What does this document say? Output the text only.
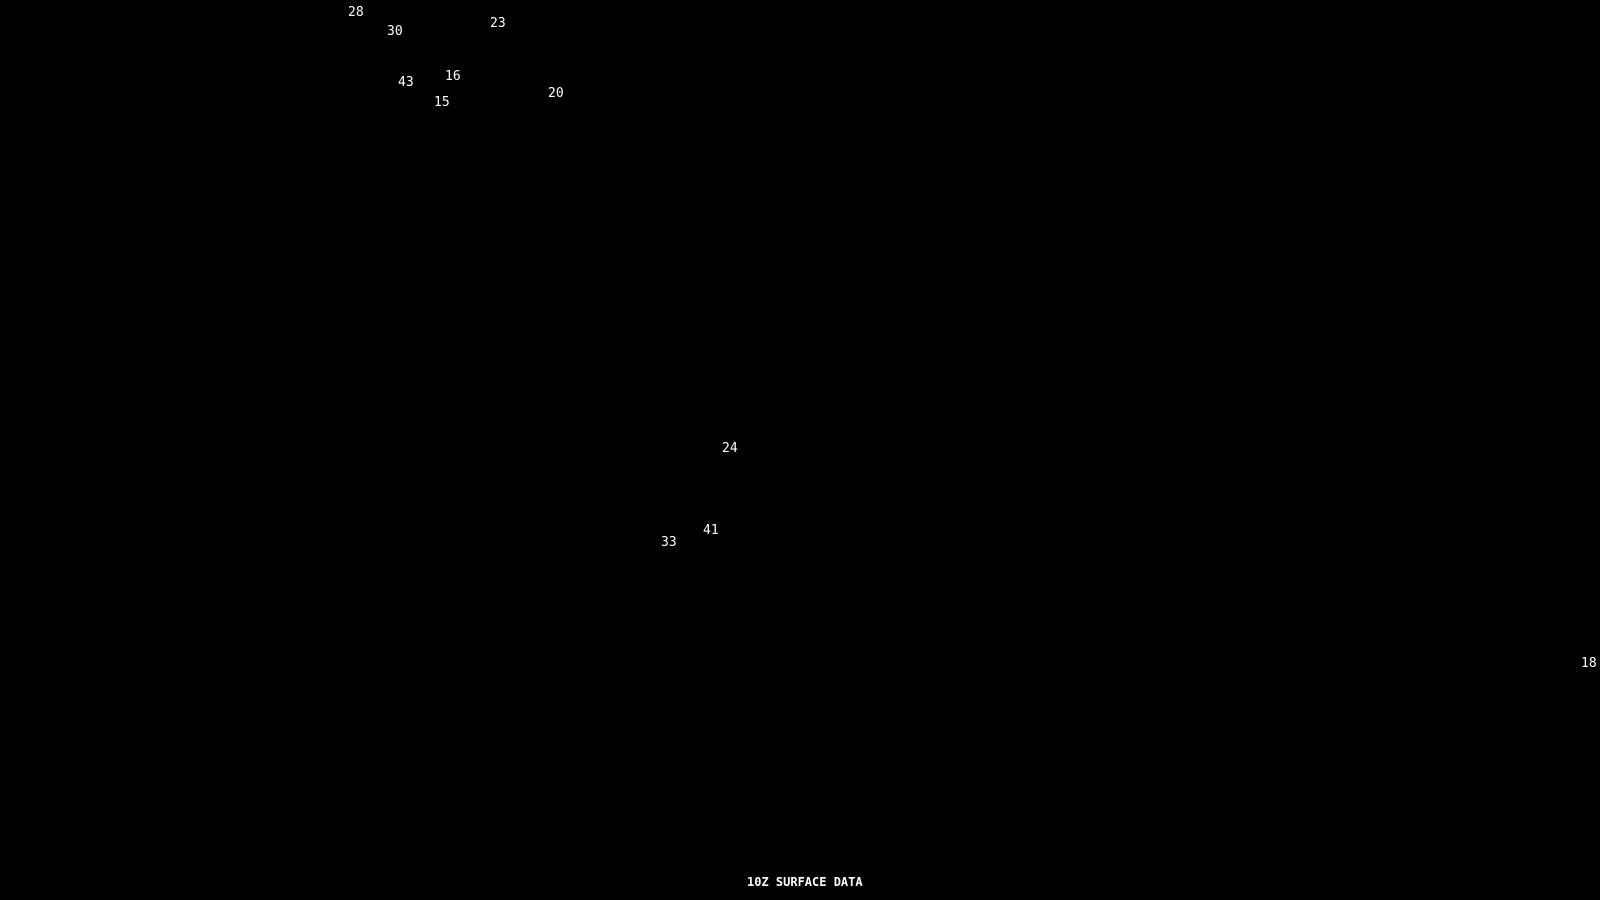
28
30
23
16
43
15
20
24
41
33
18
10Z SURFACE DATA
